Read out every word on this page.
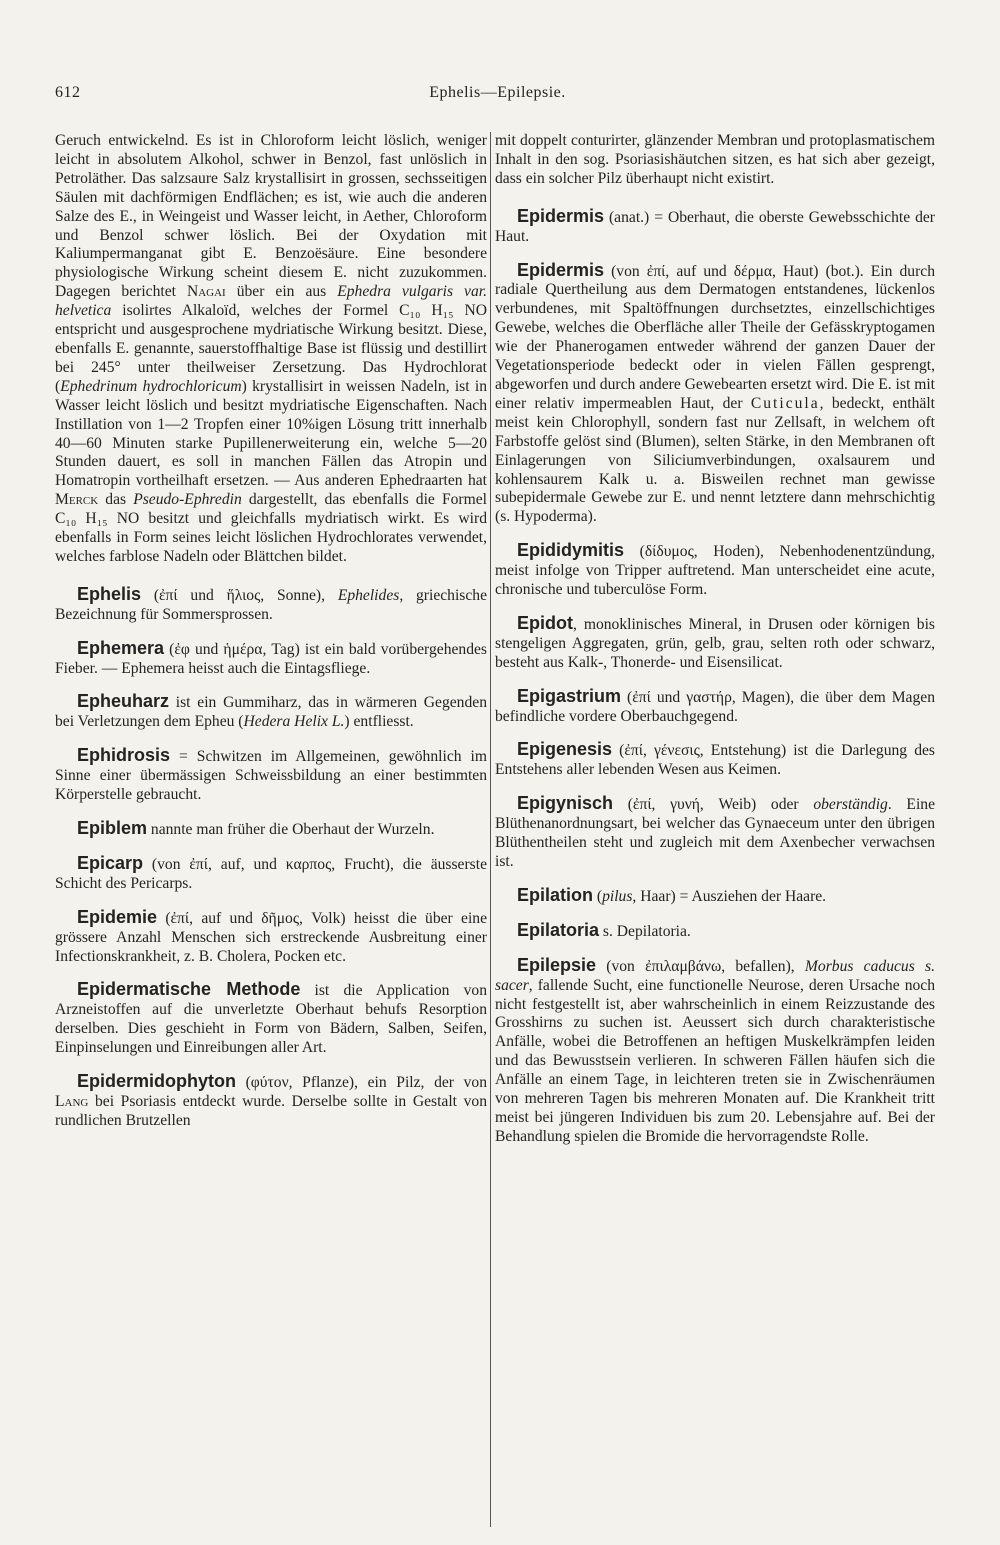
612	Ephelis—Epilepsie.

Geruch entwickelnd. Es ist in Chloroform leicht löslich, weniger leicht in absolutem Alkohol, schwer in Benzol, fast unlöslich in Petroläther. Das salzsaure Salz krystallisirt in grossen, sechsseitigen Säulen mit dachförmigen Endflächen; es ist, wie auch die anderen Salze des E., in Weingeist und Wasser leicht, in Aether, Chloroform und Benzol schwer löslich. Bei der Oxydation mit Kaliumpermanganat gibt E. Benzoësäure. Eine besondere physiologische Wirkung scheint diesem E. nicht zuzukommen. Dagegen berichtet Nagai über ein aus Ephedra vulgaris var. helvetica isolirtes Alkaloïd, welches der Formel C₁₀ H₁₅ NO entspricht und ausgesprochene mydriatische Wirkung besitzt. Diese, ebenfalls E. genannte, sauerstoffhaltige Base ist flüssig und destillirt bei 245° unter theilweiser Zersetzung. Das Hydrochlorat (Ephedrinum hydrochloricum) krystallisirt in weissen Nadeln, ist in Wasser leicht löslich und besitzt mydriatische Eigenschaften. Nach Instillation von 1—2 Tropfen einer 10%igen Lösung tritt innerhalb 40—60 Minuten starke Pupillenerweiterung ein, welche 5—20 Stunden dauert, es soll in manchen Fällen das Atropin und Homatropin vortheilhaft ersetzen. — Aus anderen Ephedraarten hat Merck das Pseudo-Ephredin dargestellt, das ebenfalls die Formel C₁₀ H₁₅ NO besitzt und gleichfalls mydriatisch wirkt. Es wird ebenfalls in Form seines leicht löslichen Hydrochlorates verwendet, welches farblose Nadeln oder Blättchen bildet.

Ephelis (ἐπί und ἥλιος, Sonne), Ephelides, griechische Bezeichnung für Sommersprossen.

Ephemera (ἐφ und ἡμέρα, Tag) ist ein bald vorübergehendes Fieber. — Ephemera heisst auch die Eintagsfliege.

Epheuharz ist ein Gummiharz, das in wärmeren Gegenden bei Verletzungen dem Epheu (Hedera Helix L.) entfliesst.

Ephidrosis = Schwitzen im Allgemeinen, gewöhnlich im Sinne einer übermässigen Schweissbildung an einer bestimmten Körperstelle gebraucht.

Epiblem nannte man früher die Oberhaut der Wurzeln.

Epicarp (von ἐπί, auf, und καρπος, Frucht), die äusserste Schicht des Pericarps.

Epidemie (ἐπί, auf und δῆμος, Volk) heisst die über eine grössere Anzahl Menschen sich erstreckende Ausbreitung einer Infectionskrankheit, z. B. Cholera, Pocken etc.

Epidermatische Methode ist die Application von Arzneistoffen auf die unverletzte Oberhaut behufs Resorption derselben. Dies geschieht in Form von Bädern, Salben, Seifen, Einpinselungen und Einreibungen aller Art.

Epidermidophyton (φύτον, Pflanze), ein Pilz, der von Lang bei Psoriasis entdeckt wurde. Derselbe sollte in Gestalt von rundlichen Brutzellen

mit doppelt conturirter, glänzender Membran und protoplasmatischem Inhalt in den sog. Psoriasishäutchen sitzen, es hat sich aber gezeigt, dass ein solcher Pilz überhaupt nicht existirt.

Epidermis (anat.) = Oberhaut, die oberste Gewebsschichte der Haut.

Epidermis (von ἐπί, auf und δέρμα, Haut) (bot.). Ein durch radiale Quertheilung aus dem Dermatogen entstandenes, lückenlos verbundenes, mit Spaltöffnungen durchsetztes, einzellschichtiges Gewebe, welches die Oberfläche aller Theile der Gefässkryptogamen wie der Phanerogamen entweder während der ganzen Dauer der Vegetationsperiode bedeckt oder in vielen Fällen gesprengt, abgeworfen und durch andere Gewebearten ersetzt wird. Die E. ist mit einer relativ impermeablen Haut, der Cuticula, bedeckt, enthält meist kein Chlorophyll, sondern fast nur Zellsaft, in welchem oft Farbstoffe gelöst sind (Blumen), selten Stärke, in den Membranen oft Einlagerungen von Siliciumverbindungen, oxalsaurem und kohlensaurem Kalk u. a. Bisweilen rechnet man gewisse subepidermale Gewebe zur E. und nennt letztere dann mehrschichtig (s. Hypoderma).

Epididymitis (δίδυμος, Hoden), Nebenhodenentzündung, meist infolge von Tripper auftretend. Man unterscheidet eine acute, chronische und tuberculöse Form.

Epidot, monoklinisches Mineral, in Drusen oder körnigen bis stengeligen Aggregaten, grün, gelb, grau, selten roth oder schwarz, besteht aus Kalk-, Thonerde- und Eisensilicat.

Epigastrium (ἐπί und γαστήρ, Magen), die über dem Magen befindliche vordere Oberbauchgegend.

Epigenesis (ἐπί, γένεσις, Entstehung) ist die Darlegung des Entstehens aller lebenden Wesen aus Keimen.

Epigynisch (ἐπί, γυνή, Weib) oder oberständig. Eine Blüthenanordnungsart, bei welcher das Gynaeceum unter den übrigen Blüthentheilen steht und zugleich mit dem Axenbecher verwachsen ist.

Epilation (pilus, Haar) = Ausziehen der Haare.

Epilatoria s. Depilatoria.

Epilepsie (von ἐπιλαμβάνω, befallen), Morbus caducus s. sacer, fallende Sucht, eine functionelle Neurose, deren Ursache noch nicht festgestellt ist, aber wahrscheinlich in einem Reizzustande des Grosshirns zu suchen ist. Aeussert sich durch charakteristische Anfälle, wobei die Betroffenen an heftigen Muskelkrämpfen leiden und das Bewusstsein verlieren. In schweren Fällen häufen sich die Anfälle an einem Tage, in leichteren treten sie in Zwischenräumen von mehreren Tagen bis mehreren Monaten auf. Die Krankheit tritt meist bei jüngeren Individuen bis zum 20. Lebensjahre auf. Bei der Behandlung spielen die Bromide die hervorragendste Rolle.
